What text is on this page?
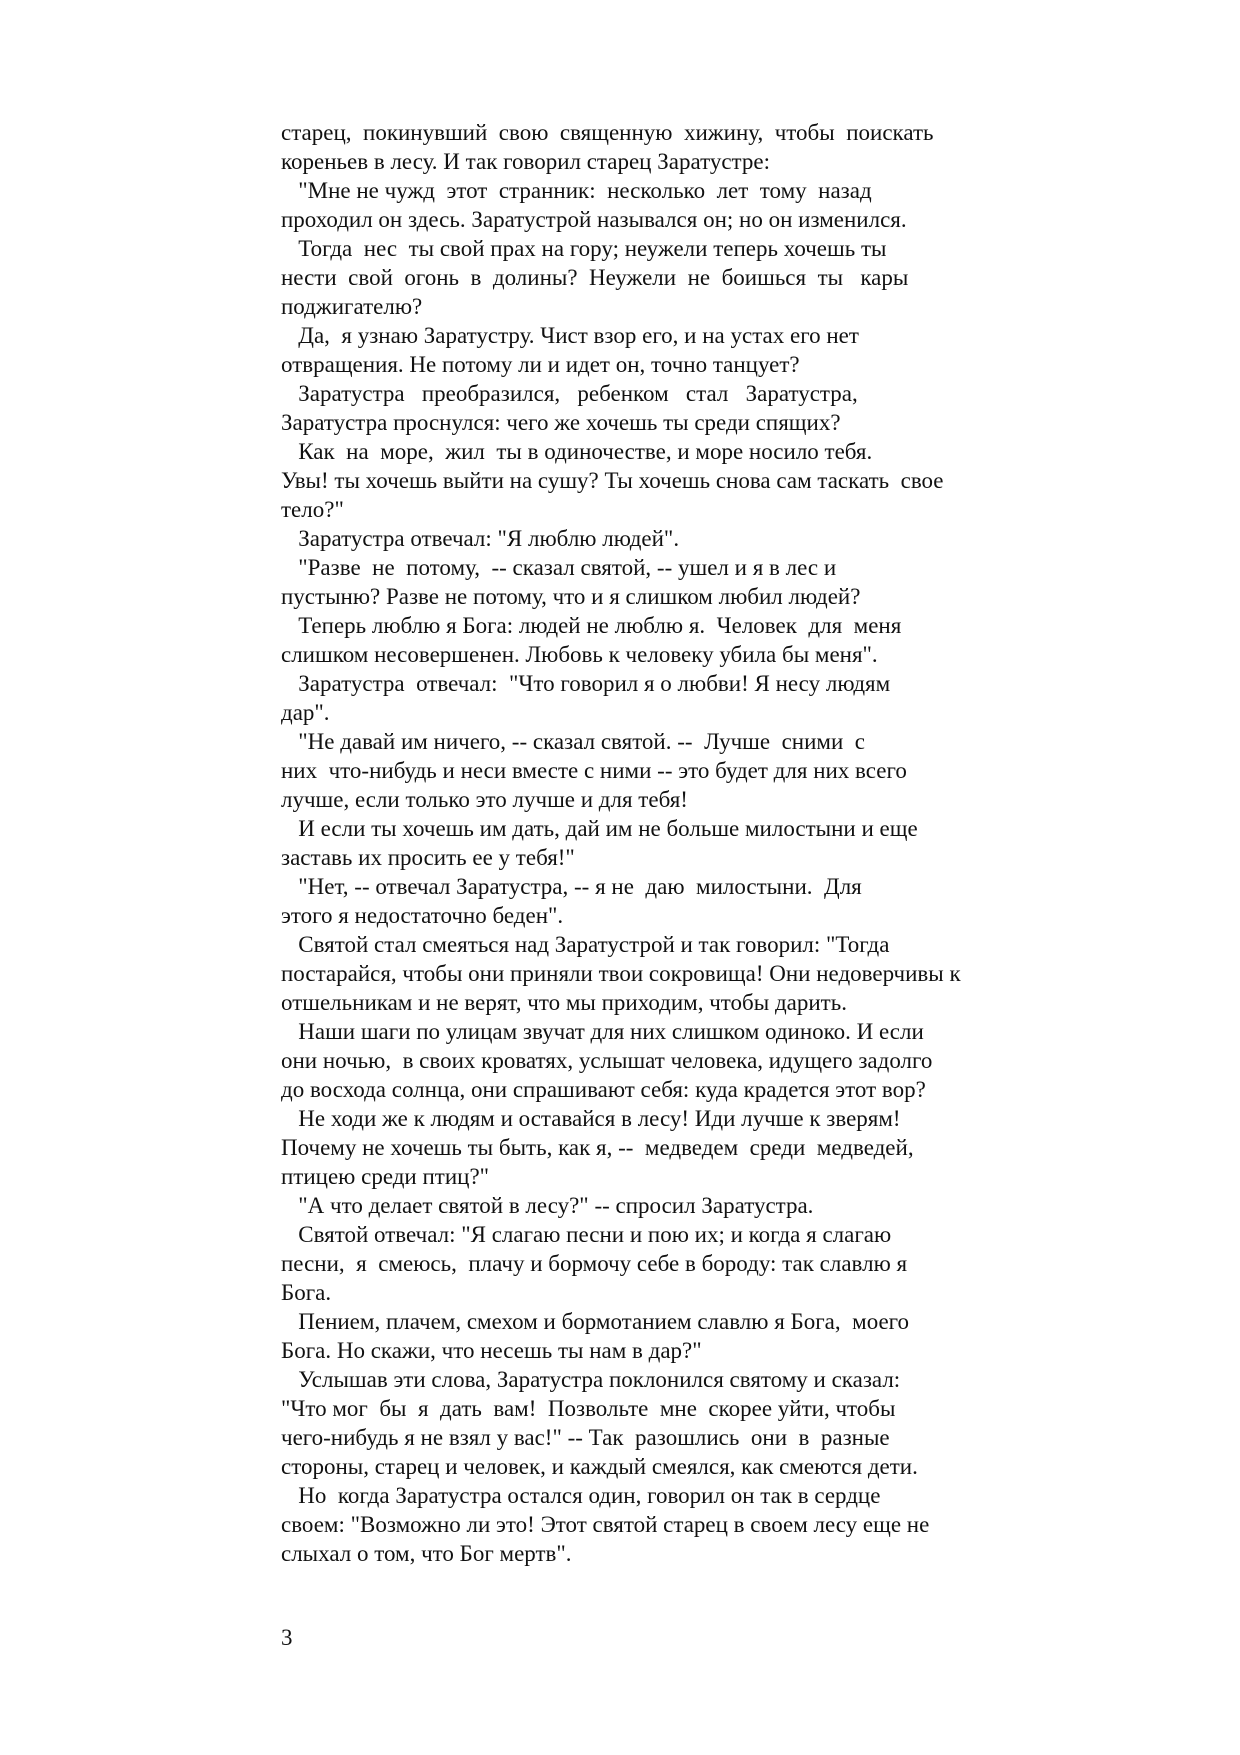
старец,  покинувший  свою  священную  хижину,  чтобы  поискать
кореньев в лесу. И так говорил старец Заратустре:
"Мне не чужд  этот  странник:  несколько  лет  тому  назад
проходил он здесь. Заратустрой назывался он; но он изменился.
Тогда  нес  ты свой прах на гору; неужели теперь хочешь ты
нести  свой  огонь  в  долины?  Неужели  не  боишься  ты   кары
поджигателю?
Да,  я узнаю Заратустру. Чист взор его, и на устах его нет
отвращения. Не потому ли и идет он, точно танцует?
Заратустра   преобразился,   ребенком   стал   Заратустра,
Заратустра проснулся: чего же хочешь ты среди спящих?
Как  на  море,  жил  ты в одиночестве, и море носило тебя.
Увы! ты хочешь выйти на сушу? Ты хочешь снова сам таскать  свое
тело?"
Заратустра отвечал: "Я люблю людей".
"Разве  не  потому,  -- сказал святой, -- ушел и я в лес и
пустыню? Разве не потому, что и я слишком любил людей?
Теперь люблю я Бога: людей не люблю я.  Человек  для  меня
слишком несовершенен. Любовь к человеку убила бы меня".
Заратустра  отвечал:  "Что говорил я о любви! Я несу людям
дар".
"Не давай им ничего, -- сказал святой. --  Лучше  сними  с
них  что-нибудь и неси вместе с ними -- это будет для них всего
лучше, если только это лучше и для тебя!
И если ты хочешь им дать, дай им не больше милостыни и еще
заставь их просить ее у тебя!"
"Нет, -- отвечал Заратустра, -- я не  даю  милостыни.  Для
этого я недостаточно беден".
Святой стал смеяться над Заратустрой и так говорил: "Тогда
постарайся, чтобы они приняли твои сокровища! Они недоверчивы к
отшельникам и не верят, что мы приходим, чтобы дарить.
Наши шаги по улицам звучат для них слишком одиноко. И если
они ночью,  в своих кроватях, услышат человека, идущего задолго
до восхода солнца, они спрашивают себя: куда крадется этот вор?
Не ходи же к людям и оставайся в лесу! Иди лучше к зверям!
Почему не хочешь ты быть, как я, --  медведем  среди  медведей,
птицею среди птиц?"
"А что делает святой в лесу?" -- спросил Заратустра.
Святой отвечал: "Я слагаю песни и пою их; и когда я слагаю
песни,  я  смеюсь,  плачу и бормочу себе в бороду: так славлю я
Бога.
Пением, плачем, смехом и бормотанием славлю я Бога,  моего
Бога. Но скажи, что несешь ты нам в дар?"
Услышав эти слова, Заратустра поклонился святому и сказал:
"Что мог  бы  я  дать  вам!  Позвольте  мне  скорее уйти, чтобы
чего-нибудь я не взял у вас!" -- Так  разошлись  они  в  разные
стороны, старец и человек, и каждый смеялся, как смеются дети.
Но  когда Заратустра остался один, говорил он так в сердце
своем: "Возможно ли это! Этот святой старец в своем лесу еще не
слыхал о том, что Бог мертв".
3
